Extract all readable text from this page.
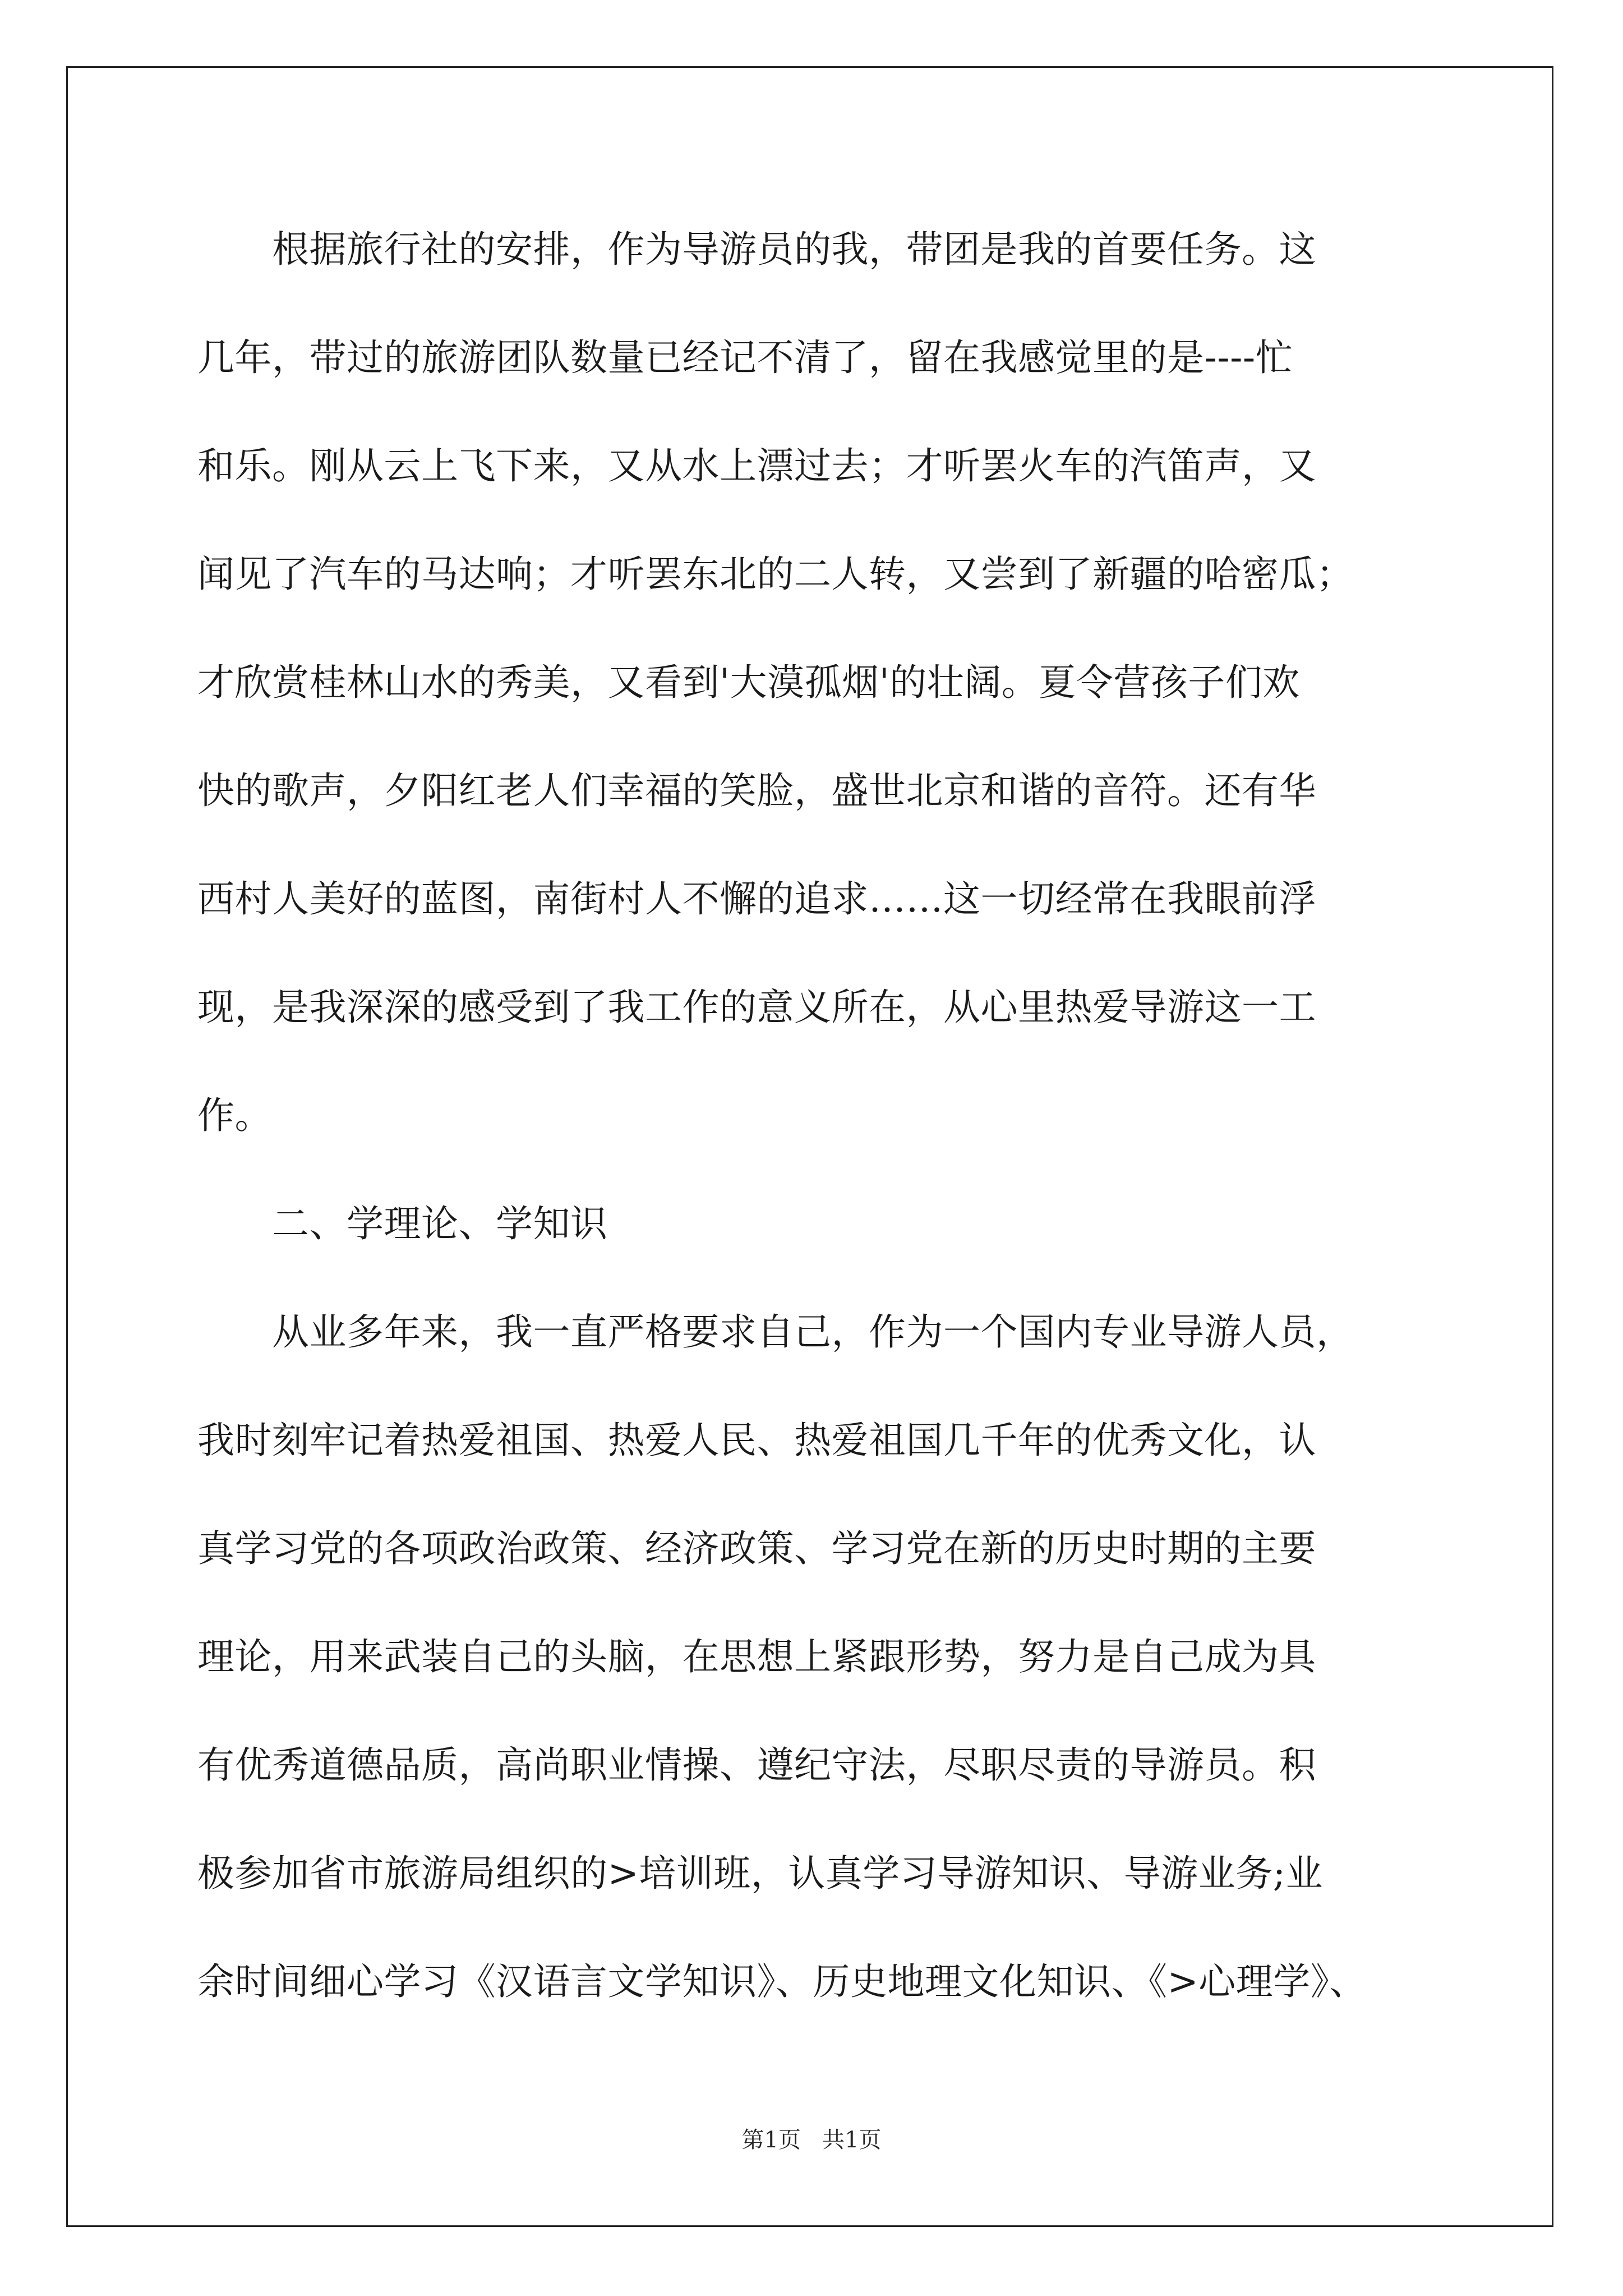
　　根据旅行社的安排，作为导游员的我，带团是我的首要任务。这
几年，带过的旅游团队数量已经记不清了，留在我感觉里的是----忙
和乐。刚从云上飞下来，又从水上漂过去；才听罢火车的汽笛声，又
闻见了汽车的马达响；才听罢东北的二人转，又尝到了新疆的哈密瓜；
才欣赏桂林山水的秀美，又看到'大漠孤烟'的壮阔。夏令营孩子们欢
快的歌声，夕阳红老人们幸福的笑脸，盛世北京和谐的音符。还有华
西村人美好的蓝图，南街村人不懈的追求……这一切经常在我眼前浮
现，是我深深的感受到了我工作的意义所在，从心里热爱导游这一工
作。
　　二、学理论、学知识
　　从业多年来，我一直严格要求自己，作为一个国内专业导游人员，
我时刻牢记着热爱祖国、热爱人民、热爱祖国几千年的优秀文化，认
真学习党的各项政治政策、经济政策、学习党在新的历史时期的主要
理论，用来武装自己的头脑，在思想上紧跟形势，努力是自己成为具
有优秀道德品质，高尚职业情操、遵纪守法，尽职尽责的导游员。积
极参加省市旅游局组织的>培训班，认真学习导游知识、导游业务;业
余时间细心学习《汉语言文学知识》、历史地理文化知识、《>心理学》、
第1页 共1页
